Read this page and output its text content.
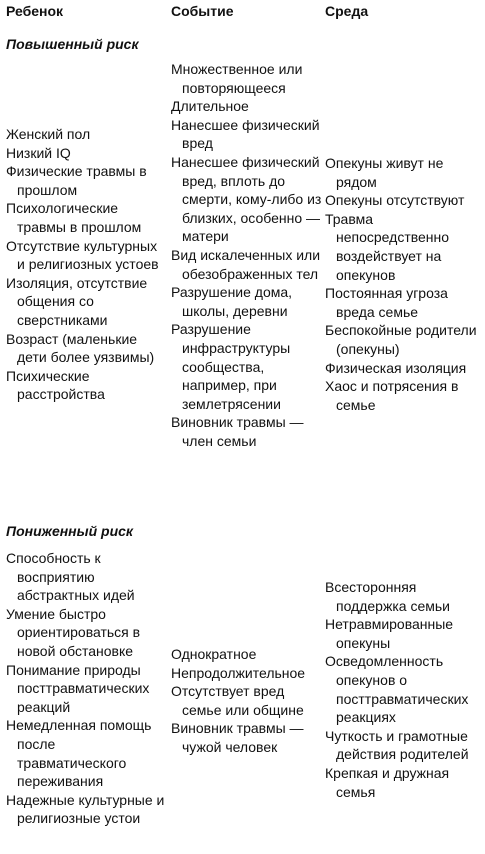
Ребенок	Событие	Среда
Повышенный риск
Женский пол
Низкий IQ
Физические травмы в прошлом
Психологические травмы в прошлом
Отсутствие культурных и религиозных устоев
Изоляция, отсутствие общения со сверстниками
Возраст (маленькие дети более уязвимы)
Психические расстройства
Множественное или повторяющееся
Длительное
Нанесшее физический вред
Нанесшее физический вред, вплоть до смерти, кому-либо из близких, особенно — матери
Вид искалеченных или обезображенных тел
Разрушение дома, школы, деревни
Разрушение инфраструктуры сообщества, например, при землетрясении
Виновник травмы — член семьи
Опекуны живут не рядом
Опекуны отсутствуют
Травма непосредственно воздействует на опекунов
Постоянная угроза вреда семье
Беспокойные родители (опекуны)
Физическая изоляция
Хаос и потрясения в семье
Пониженный риск
Способность к восприятию абстрактных идей
Умение быстро ориентироваться в новой обстановке
Понимание природы посттравматических реакций
Немедленная помощь после травматического переживания
Надежные культурные и религиозные устои
Однократное
Непродолжительное
Отсутствует вред семье или общине
Виновник травмы — чужой человек
Всесторонняя поддержка семьи
Нетравмированные опекуны
Осведомленность опекунов о посттравматических реакциях
Чуткость и грамотные действия родителей
Крепкая и дружная семья
